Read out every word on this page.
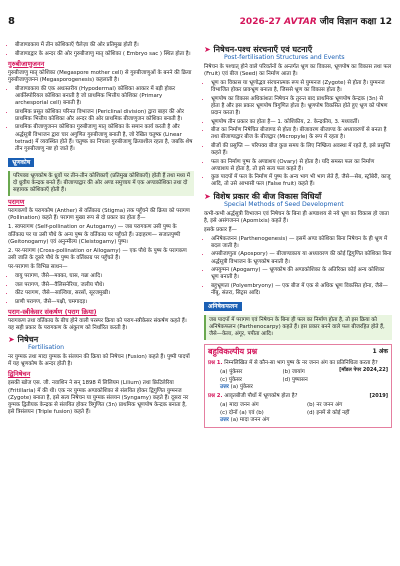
8	2026-27 AVTAR जीव विज्ञान कक्षा 12
• बीजाण्डकाय में तीन कोशिकाएँ चैलेज़ा की ओर प्रतिमुख होती हैं।
• बीजाण्डद्वार के अन्दर की ओर गुरुबीजाणु मातृ कोशिका ( Embryo sac ) स्थित होता है।
गुरुबीजाणुजनन

गुरुबीजाणु मातृ कोशिका (Megaspore mother cell) से गुरुबीजाणुओं के बनने की क्रिया गुरुबीजाणुजनन (Megasporogenesis) कहलाती है।

• बीजाण्डकाय की एक अधःस्तरीय (Hypodermal) कोशिका आकार में बड़ी होकर आर्कीस्पोरियल कोशिका बनाती है जो प्राथमिक भित्तीय कोशिका (Primary archesporial cell) बनाती है।
• प्राथमिक प्रसूत कोशिका परिनत विभाजन (Periclinal division) द्वारा बाहर की ओर प्राथमिक भित्तीय कोशिका और अन्दर की ओर प्राथमिक बीजाणुजन कोशिका बनाती है।
• प्राथमिक बीजाणुजनन कोशिका गुरुबीजाणु मातृ कोशिका के समान कार्य करती है और अर्द्धसूत्री विभाजन द्वारा चार अगुणित गुरुबीजाणु बनाती है, जो रेखित चतुष्क (Linear tetrad) में व्यवस्थित होते हैं। चतुष्क का निचला गुरुबीजाणु क्रियाशील रहता है, जबकि शेष तीन गुरुबीजाणु नष्ट हो जाते हैं।
भ्रूणकोष
परिपक्व भ्रूणकोष के ध्रुवों पर तीन-तीन कोशिकाएँ (प्रतिमुख कोशिकाएँ) होती हैं तथा मध्य में दो ध्रुवीय केन्द्रक बनते हैं। बीजाण्डद्वार की ओर अण्ड समुच्चय में एक अण्डकोशिका तथा दो सहायक कोशिकाएँ होती हैं।
परागण

परागकणों के परागकोष (Anther) से वर्तिकाग्र (Stigma) तक पहुँचने की क्रिया को परागण (Pollination) कहते हैं। परागण मुख्य रूप से दो प्रकार का होता है—

1. स्वपरागण (Self-pollination or Autogamy) — जब परागकण उसी पुष्प के वर्तिकाग्र पर या उसी पौधे के अन्य पुष्प के वर्तिकाग्र पर पहुँचते हैं। उदाहरण— सजातपुष्पी (Geitonogamy) एवं अनुन्मील्य (Cleistogamy) पुष्प।

2. पर-परागण (Cross-pollination or Allogamy) — एक पौधे के पुष्प के परागकण उसी जाति के दूसरे पौधे के पुष्प के वर्तिकाग्र पर पहुँचते हैं।

पर-परागण के विभिन्न साधन—

• वायु परागण, जैसे—मक्का, घास, गन्ना आदि।
• जल परागण, जैसे—वैलिसनेरिया, जलीय पौधे।
• कीट परागण, जैसे—साल्विया, सरसों, सूरजमुखी।
• प्राणी परागण, जैसे—पक्षी, चमगादड़।
पराग-स्त्रीकेसर संकर्षण (पराग क्रिया)

परागकण तथा वर्तिकाग्र के बीच होने वाली परस्पर क्रिया को पराग-स्त्रीकेसर संकर्षण कहते हैं। यह सही प्रकार के परागकण के अंकुरण को निर्धारित करती है।

➤ निषेचन
Fertilisation

नर युग्मक तथा मादा युग्मक के संलयन की क्रिया को निषेचन (Fusion) कहते हैं। पुष्पी पादपों में यह भ्रूणकोष के अन्दर होती है।

द्विनिषेचन

इसकी खोज एस. जी. नवाशिन ने सन् 1898 में लिलियम (Lilium) तथा फ्रिटिलेरिया (Fritillaria) में की थी। एक नर युग्मक अण्डकोशिका से संलयित होकर द्विगुणित युग्मनज (Zygote) बनाता है, इसे सत्य निषेचन या युग्मक संलयन (Syngamy) कहते हैं। दूसरा नर युग्मक द्वितीयक केन्द्रक से संलयित होकर त्रिगुणित (3n) प्राथमिक भ्रूणपोष केन्द्रक बनाता है, इसे त्रिसंलयन (Triple fusion) कहते हैं।

➤ निषेचन-पश्च संरचनाएँ एवं घटनाएँ
Post-fertilisation Structures and Events

निषेचन के पश्चात् होने वाले परिवर्तनों के अन्तर्गत भ्रूण का विकास, भ्रूणपोष का विकास तथा फल (Fruit) एवं बीज (Seed) का निर्माण आता है।

• भ्रूण का विकास या भ्रूणोद्भव संरचनात्मक रूप से युग्मनज (Zygote) से होता है। युग्मनज विभाजित होकर प्राक्भ्रूण बनाता है, जिससे भ्रूण का विकास होता है।
• भ्रूणपोष का विकास अधिकांशतः निषेचन के तुरन्त बाद प्राथमिक भ्रूणपोष केन्द्रक (3n) से होता है और इस प्रकार भ्रूणपोष त्रिगुणित होता है। भ्रूणपोष विकसित होते हुए भ्रूण को पोषण प्रदान करता है।
• भ्रूणपोष तीन प्रकार का होता है— 1. कोशिकीय, 2. केन्द्रकीय, 3. मध्यवर्ती।
• बीज का निर्माण निषेचित बीजाण्ड से होता है। बीजावरण बीजाण्ड के अध्यावरणों से बनता है तथा बीजाण्डद्वार बीज के बीजद्वार (Micropyle) के रूप में रहता है।
• बीजों की प्रसुप्ति — परिपक्व बीज कुछ समय के लिए निष्क्रिय अवस्था में रहते हैं, इसे प्रसुप्ति कहते हैं।
• फल का निर्माण पुष्प के अण्डाशय (Ovary) से होता है। यदि समस्त फल का निर्माण अण्डाशय से होता है, तो इसे सत्य फल कहते हैं।
• कुछ पादपों में फल के निर्माण में पुष्प के अन्य भाग भी भाग लेते हैं, जैसे—सेब, स्ट्रॉबेरी, काजू आदि, तो उसे आभासी फल (False fruit) कहते हैं।
➤ विशेष प्रकार की बीज विकास विधियाँ
Special Methods of Seed Development

कभी-कभी अर्द्धसूत्री विभाजन एवं निषेचन के बिना ही अण्डाशय से नये भ्रूण का विकास हो जाता है, इसे असंगजनन (Apomixis) कहते हैं।

इसके प्रकार हैं—

• अनिषेकजनन (Parthenogenesis) — इसमें अण्ड कोशिका बिना निषेचन के ही भ्रूण में बदल जाती है।
• अपबीजाणुता (Apospory) — बीजाण्डकाय या अध्यावरण की कोई द्विगुणित कोशिका बिना अर्द्धसूत्री विभाजन के भ्रूणकोष बनाती है।
• अपयुग्मन (Apogamy) — भ्रूणकोष की अण्डकोशिका के अतिरिक्त कोई अन्य कोशिका भ्रूण बनाती है।
• बहुभ्रूणता (Polyembryony) — एक बीज में एक से अधिक भ्रूण विकसित होना, जैसे—नींबू, संतरा, सिट्रस आदि।
अनिषेकफलन
जब पादपों में परागण एवं निषेचन के बिना ही फल का निर्माण होता है, तो इस क्रिया को अनिषेकफलन (Parthenocarpy) कहते हैं। इस प्रकार बनने वाले फल बीजरहित होते हैं, जैसे—केला, अंगूर, पपीता आदि।
बहुविकल्पीय प्रश्न	1 अंक
प्रश्न 1. निम्नलिखित में से कौन-सा भाग पुष्प के नर जनन अंग का प्रतिनिधित्व करता है?
[मॉडल पेपर 2024,22]
(a) पुंकेसर	(b) जायांग
(c) पुंकेसर	(d) पुष्पासन
उत्तर (a) पुंकेसर
प्रश्न 2. आवृतबीजी पौधों में भ्रूणकोष होता है?	[2019]
(a) मादा जनन अंग	(b) नर जनन अंग
(c) दोनों (a) एवं (b)	(d) इनमें से कोई नहीं
उत्तर (a) मादा जनन अंग
